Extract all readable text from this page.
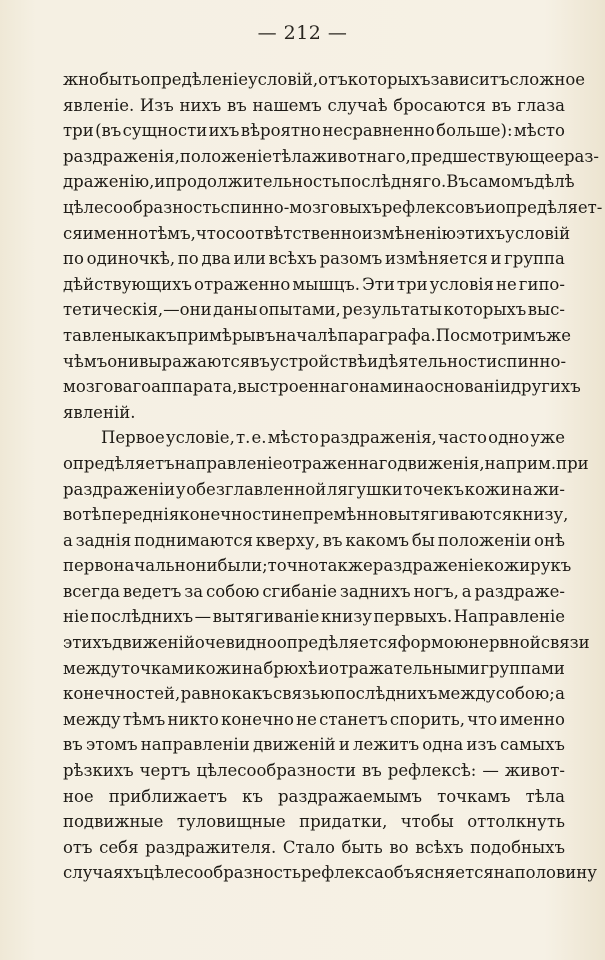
— 212 —
жно быть опредѣленіе условій, отъ которыхъ зависитъ сложное
явленіе. Изъ нихъ въ нашемъ случаѣ бросаются въ глаза
три (въ сущности ихъ вѣроятно несравненно больше): мѣсто
раздраженія, положеніе тѣла животнаго, предшествующее раз-
драженію, и продолжительность послѣдняго. Въ самомъ дѣлѣ
цѣлесообразность спинно-мозговыхъ рефлексовъ и опредѣляет-
ся именно тѣмъ, что соотвѣтственно измѣненію этихъ условій
по одиночкѣ, по два или всѣхъ разомъ измѣняется и группа
дѣйствующихъ отраженно мышцъ. Эти три условія не гипо-
тетическія,—они даны опытами, результаты которыхъ выс-
тавлены какъ примѣры въ началѣ параграфа. Посмотримъ же
чѣмъ они выражаются въ устройствѣ и дѣятельности спинно-
мозговаго аппарата, выстроеннаго нами на основаніи другихъ
явленій.
Первое условіе, т. е. мѣсто раздраженія, часто одно уже
опредѣляетъ направленіе отраженнаго движенія, наприм. при
раздраженіи у обезглавленной лягушки точекъ кожи на жи-
вотѣ переднія конечности непремѣнно вытягиваются книзу,
а заднія поднимаются кверху, въ какомъ бы положеніи онѣ
первоначально ни были; точно также раздраженіе кожи рукъ
всегда ведетъ за собою сгибаніе заднихъ ногъ, а раздраже-
ніе послѣднихъ — вытягиваніе книзу первыхъ. Направленіе
этихъ движеній очевидно опредѣляется формою нервной связи
между точками кожи на брюхѣ и отражательными группами
конечностей, равно какъ связью послѣднихъ между собою; а
между тѣмъ никто конечно не станетъ спорить, что именно
въ этомъ направленіи движеній и лежитъ одна изъ самыхъ
рѣзкихъ чертъ цѣлесообразности въ рефлексѣ: — живот-
ное приближаетъ къ раздражаемымъ точкамъ тѣла
подвижные туловищные придатки, чтобы оттолкнуть
отъ себя раздражителя. Стало быть во всѣхъ подобныхъ
случаяхъ цѣлесообразность рефлекса объясняется на половину
